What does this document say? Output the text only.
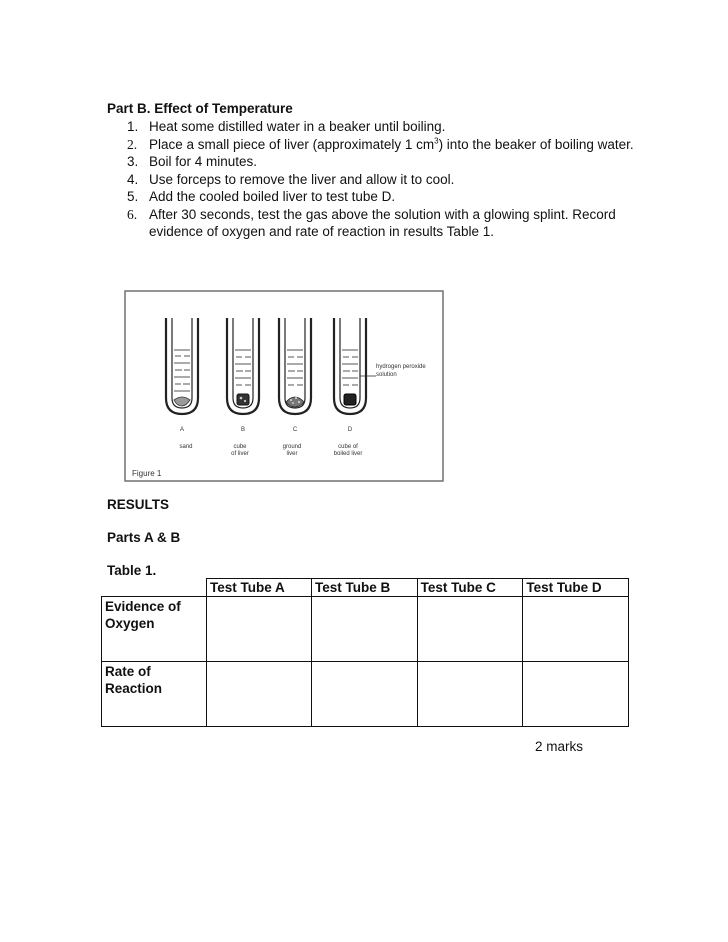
Part B. Effect of Temperature
1. Heat some distilled water in a beaker until boiling.
2. Place a small piece of liver (approximately 1 $cm^3$) into the beaker of boiling water.
3. Boil for 4 minutes.
4. Use forceps to remove the liver and allow it to cool.
5. Add the cooled boiled liver to test tube D.
6. After 30 seconds, test the gas above the solution with a glowing splint. Record evidence of oxygen and rate of reaction in results Table 1.
hydrogen peroxide
solution
A	B	C	D
sand	cube
of liver
ground
liver
cube of
boiled liver
Figure 1
RESULTS
Parts A & B
Table 1.
	Test Tube A	Test Tube B	Test Tube C	Test Tube D
Evidence of Oxygen				
Rate of Reaction				
2 marks
